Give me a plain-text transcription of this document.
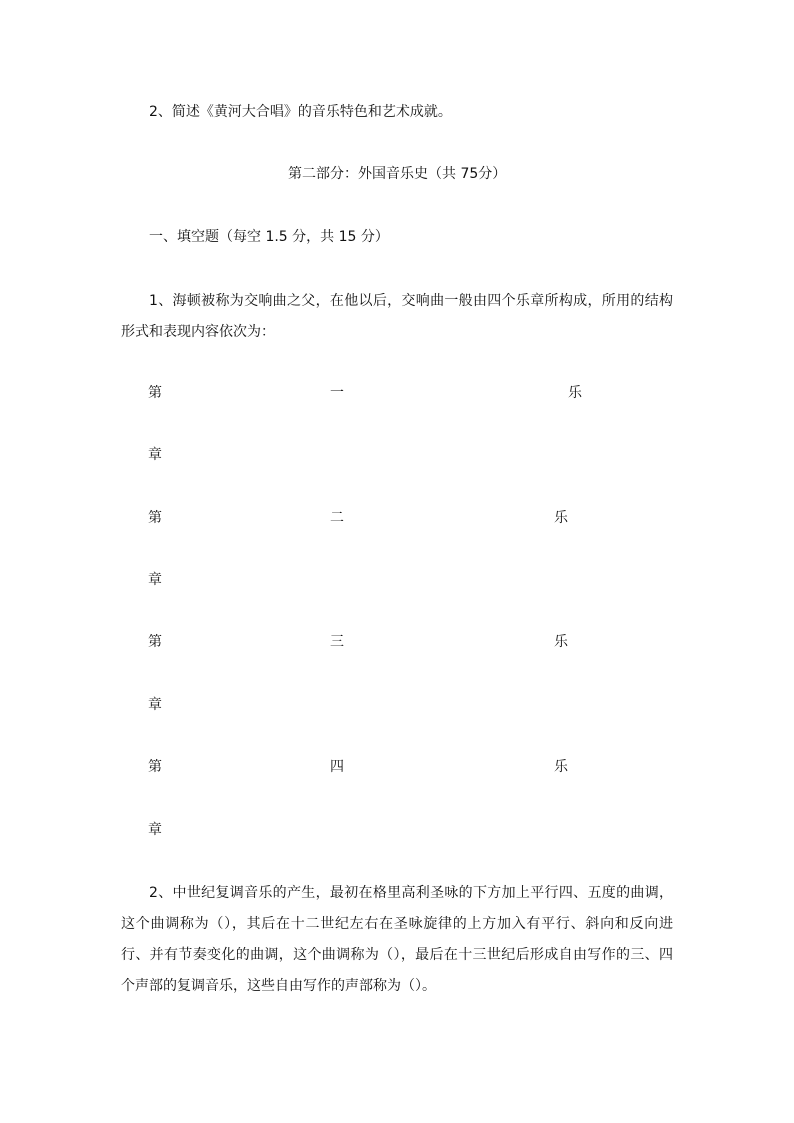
2、简述《黄河大合唱》的音乐特色和艺术成就。
第二部分：外国音乐史（共 75分）
一、填空题（每空 1.5 分，共 15 分）
1、海顿被称为交响曲之父，在他以后，交响曲一般由四个乐章所构成，所用的结构形式和表现内容依次为：
第	一	乐
章
第	二	乐
章
第	三	乐
章
第	四	乐
章
2、中世纪复调音乐的产生，最初在格里高利圣咏的下方加上平行四、五度的曲调，这个曲调称为（），其后在十二世纪左右在圣咏旋律的上方加入有平行、斜向和反向进行、并有节奏变化的曲调，这个曲调称为（），最后在十三世纪后形成自由写作的三、四个声部的复调音乐，这些自由写作的声部称为（）。
